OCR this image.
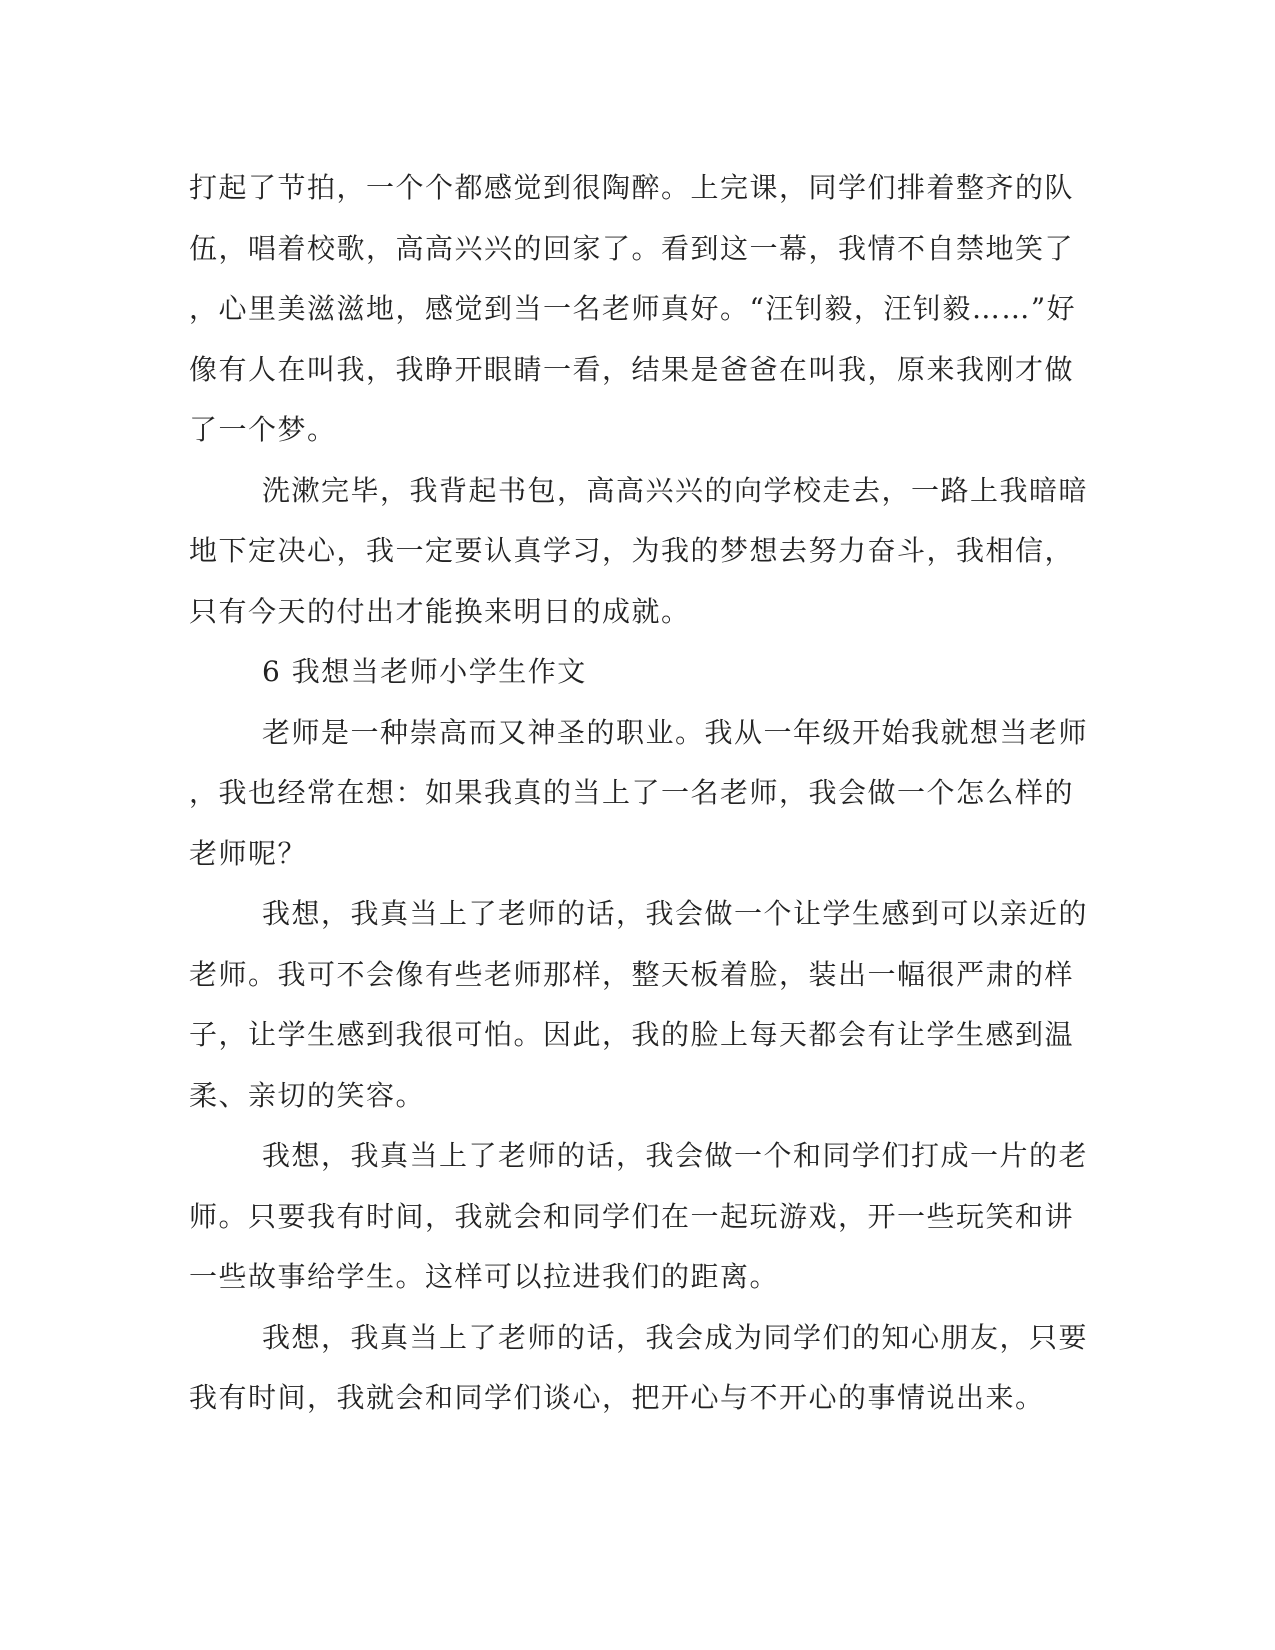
打起了节拍，一个个都感觉到很陶醉。上完课，同学们排着整齐的队
伍，唱着校歌，高高兴兴的回家了。看到这一幕，我情不自禁地笑了
，心里美滋滋地，感觉到当一名老师真好。“汪钊毅，汪钊毅……”好
像有人在叫我，我睁开眼睛一看，结果是爸爸在叫我，原来我刚才做
了一个梦。
洗漱完毕，我背起书包，高高兴兴的向学校走去，一路上我暗暗
地下定决心，我一定要认真学习，为我的梦想去努力奋斗，我相信，
只有今天的付出才能换来明日的成就。
6 我想当老师小学生作文
老师是一种崇高而又神圣的职业。我从一年级开始我就想当老师
，我也经常在想：如果我真的当上了一名老师，我会做一个怎么样的
老师呢？
我想，我真当上了老师的话，我会做一个让学生感到可以亲近的
老师。我可不会像有些老师那样，整天板着脸，装出一幅很严肃的样
子，让学生感到我很可怕。因此，我的脸上每天都会有让学生感到温
柔、亲切的笑容。
我想，我真当上了老师的话，我会做一个和同学们打成一片的老
师。只要我有时间，我就会和同学们在一起玩游戏，开一些玩笑和讲
一些故事给学生。这样可以拉进我们的距离。
我想，我真当上了老师的话，我会成为同学们的知心朋友，只要
我有时间，我就会和同学们谈心，把开心与不开心的事情说出来。
